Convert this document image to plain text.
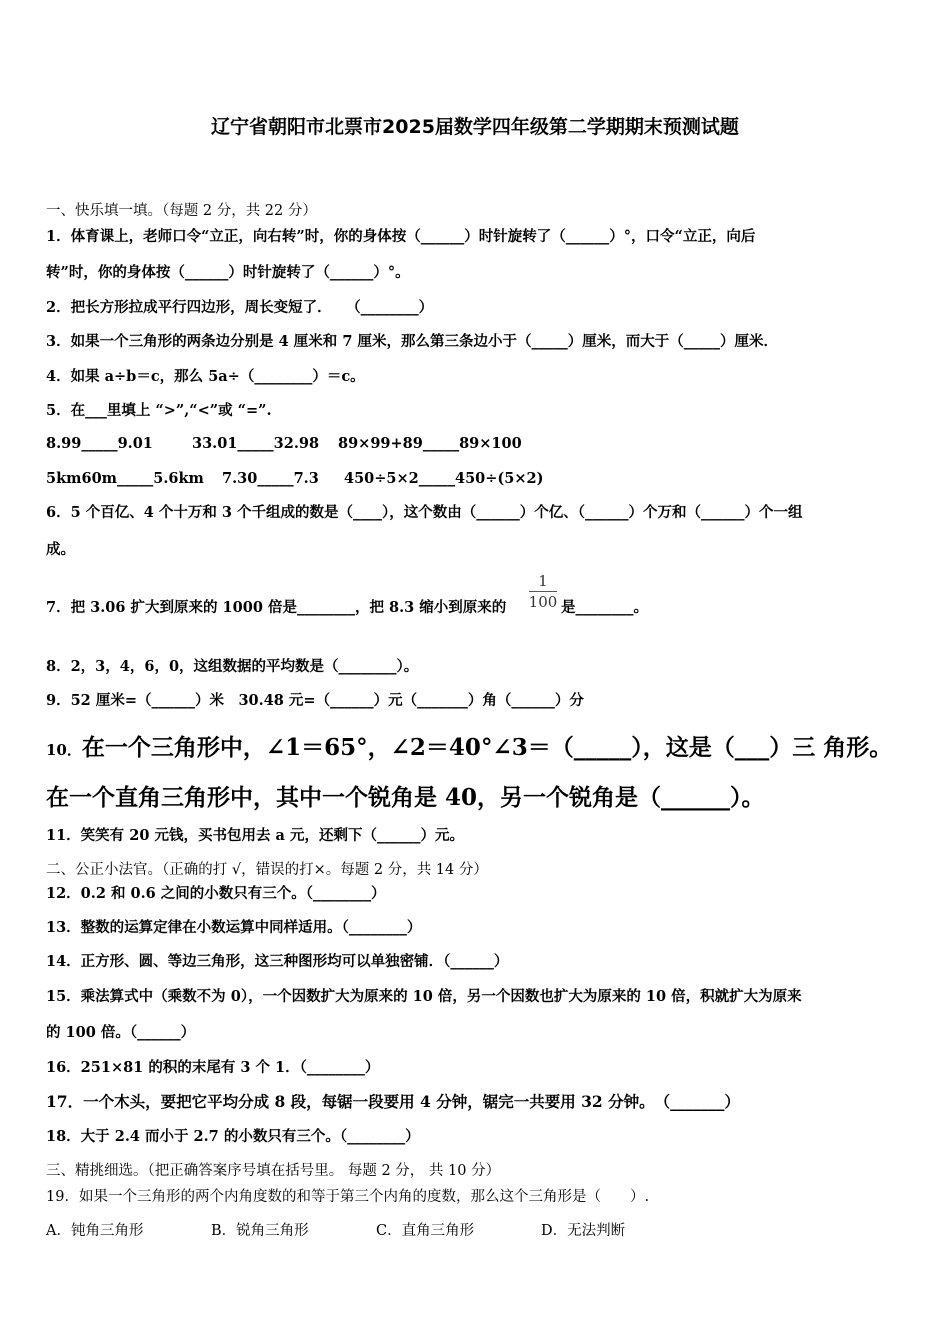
辽宁省朝阳市北票市2025届数学四年级第二学期期末预测试题
一、快乐填一填。（每题 2 分，共 22 分）
1．体育课上，老师口令“立正，向右转”时，你的身体按（______）时针旋转了（______）°，口令“立正，向后
转”时，你的身体按（______）时针旋转了（______）°。
2．把长方形拉成平行四边形，周长变短了．　　（________）
3．如果一个三角形的两条边分别是 4 厘米和 7 厘米，那么第三条边小于（_____）厘米，而大于（_____）厘米．
4．如果 a÷b＝c，那么 5a÷（________）＝c。
5．在___里填上 “>”,“<”或 “=”.
8.99_____9.01	33.01_____32.98 89×99+89_____89×100
5km60m_____5.6km 7.30_____7.3 450÷5×2_____450÷(5×2)
6．5 个百亿、4 个十万和 3 个千组成的数是（____），这个数由（______）个亿、（______）个万和（______）个一组
成。
7．把 3.06 扩大到原来的 1000 倍是________，把 8.3 缩小到原来的
1
100 是________。
8．2，3，4，6，0，这组数据的平均数是（________）。
9．52 厘米=（______）米　30.48 元=（______）元（_______）角（______）分
10．在一个三角形中，∠1＝65°，∠2＝40°∠3＝（_____），这是（___）三 角形。
在一个直角三角形中，其中一个锐角是 40，另一个锐角是（______）。
11．笑笑有 20 元钱，买书包用去 a 元，还剩下（______）元。
二、公正小法官。（正确的打 √，错误的打×。每题 2 分，共 14 分）
12．0.2 和 0.6 之间的小数只有三个。（________）
13．整数的运算定律在小数运算中同样适用。（________）
14．正方形、圆、等边三角形，这三种图形均可以单独密铺．（______）
15．乘法算式中（乘数不为 0），一个因数扩大为原来的 10 倍，另一个因数也扩大为原来的 10 倍，积就扩大为原来
的 100 倍。（______）
16．251×81 的积的末尾有 3 个 1．（________）
17．一个木头，要把它平均分成 8 段，每锯一段要用 4 分钟，锯完一共要用 32 分钟。　（_______）
18．大于 2.4 而小于 2.7 的小数只有三个。（________）
三、精挑细选。（把正确答案序号填在括号里。 每题 2 分， 共 10 分）
19．如果一个三角形的两个内角度数的和等于第三个内角的度数，那么这个三角形是（　　）.
A．钝角三角形	B．锐角三角形	C．直角三角形	D．无法判断
